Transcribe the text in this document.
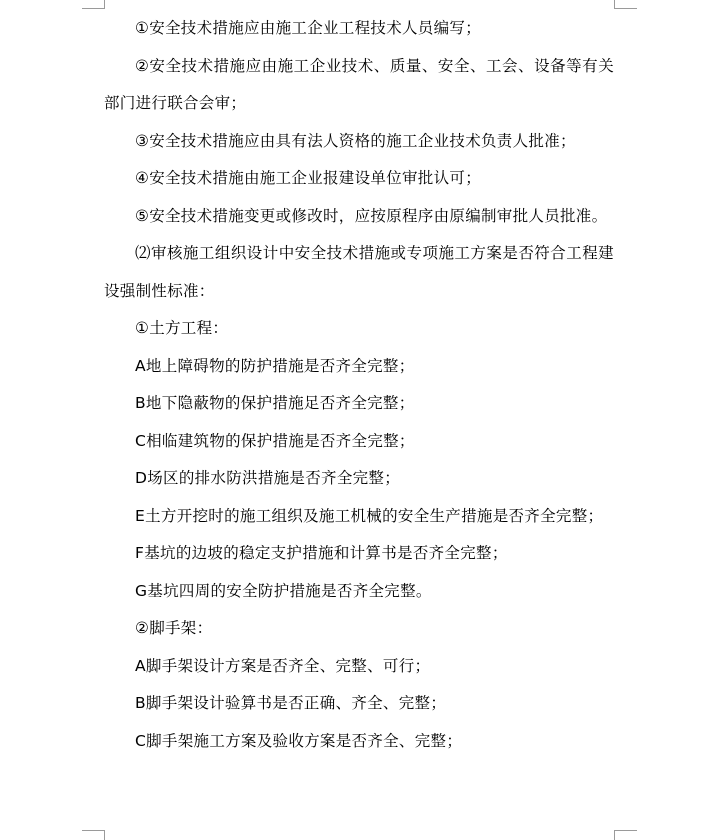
①安全技术措施应由施工企业工程技术人员编写；

②安全技术措施应由施工企业技术、质量、安全、工会、设备等有关部门进行联合会审；

③安全技术措施应由具有法人资格的施工企业技术负责人批准；

④安全技术措施由施工企业报建设单位审批认可；

⑤安全技术措施变更或修改时，应按原程序由原编制审批人员批准。

⑵审核施工组织设计中安全技术措施或专项施工方案是否符合工程建设强制性标准：

①土方工程：

A地上障碍物的防护措施是否齐全完整；

B地下隐蔽物的保护措施足否齐全完整；

C相临建筑物的保护措施是否齐全完整；

D场区的排水防洪措施是否齐全完整；

E土方开挖时的施工组织及施工机械的安全生产措施是否齐全完整；

F基坑的边坡的稳定支护措施和计算书是否齐全完整；

G基坑四周的安全防护措施是否齐全完整。

②脚手架：

A脚手架设计方案是否齐全、完整、可行；

B脚手架设计验算书是否正确、齐全、完整；

C脚手架施工方案及验收方案是否齐全、完整；
